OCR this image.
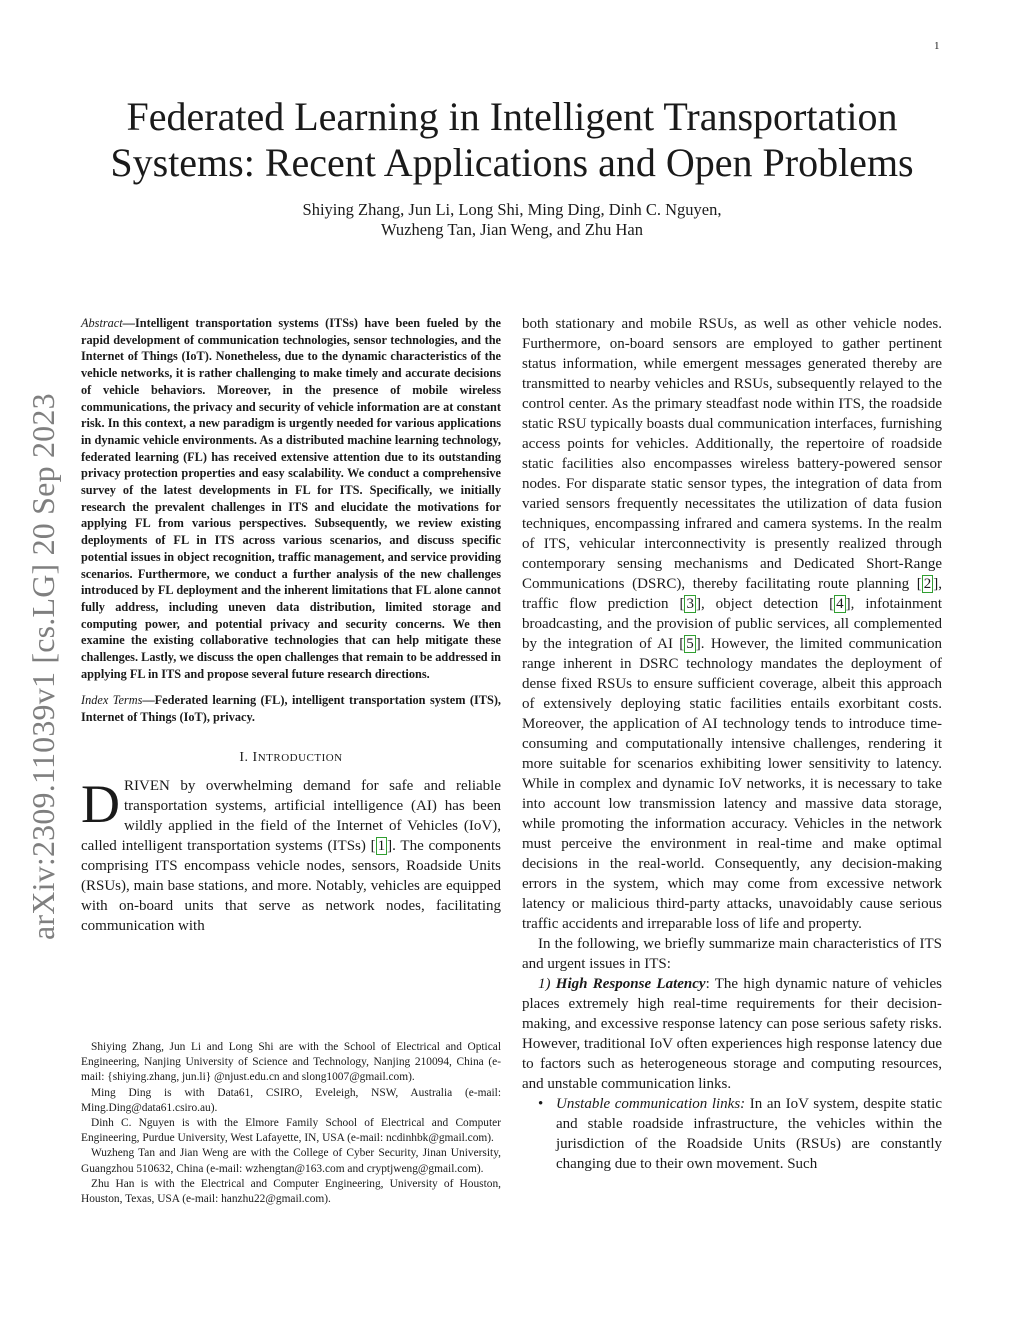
1
arXiv:2309.11039v1 [cs.LG] 20 Sep 2023
Federated Learning in Intelligent Transportation
Systems: Recent Applications and Open Problems
Shiying Zhang, Jun Li, Long Shi, Ming Ding, Dinh C. Nguyen,
Wuzheng Tan, Jian Weng, and Zhu Han

Abstract—Intelligent transportation systems (ITSs) have been fueled by the rapid development of communication technologies, sensor technologies, and the Internet of Things (IoT). Nonetheless, due to the dynamic characteristics of the vehicle networks, it is rather challenging to make timely and accurate decisions of vehicle behaviors. Moreover, in the presence of mobile wireless communications, the privacy and security of vehicle information are at constant risk. In this context, a new paradigm is urgently needed for various applications in dynamic vehicle environments. As a distributed machine learning technology, federated learning (FL) has received extensive attention due to its outstanding privacy protection properties and easy scalability. We conduct a comprehensive survey of the latest developments in FL for ITS. Specifically, we initially research the prevalent challenges in ITS and elucidate the motivations for applying FL from various perspectives. Subsequently, we review existing deployments of FL in ITS across various scenarios, and discuss specific potential issues in object recognition, traffic management, and service providing scenarios. Furthermore, we conduct a further analysis of the new challenges introduced by FL deployment and the inherent limitations that FL alone cannot fully address, including uneven data distribution, limited storage and computing power, and potential privacy and security concerns. We then examine the existing collaborative technologies that can help mitigate these challenges. Lastly, we discuss the open challenges that remain to be addressed in applying FL in ITS and propose several future research directions.

Index Terms—Federated learning (FL), intelligent transportation system (ITS), Internet of Things (IoT), privacy.

I. INTRODUCTION

DRIVEN by overwhelming demand for safe and reliable transportation systems, artificial intelligence (AI) has been wildly applied in the field of the Internet of Vehicles (IoV), called intelligent transportation systems (ITSs) [ 1 ]. The components comprising ITS encompass vehicle nodes, sensors, Roadside Units (RSUs), main base stations, and more. Notably, vehicles are equipped with on-board units that serve as network nodes, facilitating communication with

Shiying Zhang, Jun Li and Long Shi are with the School of Electrical and Optical Engineering, Nanjing University of Science and Technology, Nanjing 210094, China (e-mail: {shiying.zhang, jun.li} @njust.edu.cn and slong1007@gmail.com).

Ming Ding is with Data61, CSIRO, Eveleigh, NSW, Australia (e-mail: Ming.Ding@data61.csiro.au).

Dinh C. Nguyen is with the Elmore Family School of Electrical and Computer Engineering, Purdue University, West Lafayette, IN, USA (e-mail: ncdinhbk@gmail.com).

Wuzheng Tan and Jian Weng are with the College of Cyber Security, Jinan University, Guangzhou 510632, China (e-mail: wzhengtan@163.com and cryptjweng@gmail.com).

Zhu Han is with the Electrical and Computer Engineering, University of Houston, Houston, Texas, USA (e-mail: hanzhu22@gmail.com).

both stationary and mobile RSUs, as well as other vehicle nodes. Furthermore, on-board sensors are employed to gather pertinent status information, while emergent messages generated thereby are transmitted to nearby vehicles and RSUs, subsequently relayed to the control center. As the primary steadfast node within ITS, the roadside static RSU typically boasts dual communication interfaces, furnishing access points for vehicles. Additionally, the repertoire of roadside static facilities also encompasses wireless battery-powered sensor nodes. For disparate static sensor types, the integration of data from varied sensors frequently necessitates the utilization of data fusion techniques, encompassing infrared and camera systems. In the realm of ITS, vehicular interconnectivity is presently realized through contemporary sensing mechanisms and Dedicated Short-Range Communications (DSRC), thereby facilitating route planning [ 2 ], traffic flow prediction [ 3 ], object detection [ 4 ], infotainment broadcasting, and the provision of public services, all complemented by the integration of AI [ 5 ]. However, the limited communication range inherent in DSRC technology mandates the deployment of dense fixed RSUs to ensure sufficient coverage, albeit this approach of extensively deploying static facilities entails exorbitant costs. Moreover, the application of AI technology tends to introduce time-consuming and computationally intensive challenges, rendering it more suitable for scenarios exhibiting lower sensitivity to latency. While in complex and dynamic IoV networks, it is necessary to take into account low transmission latency and massive data storage, while promoting the information accuracy. Vehicles in the network must perceive the environment in real-time and make optimal decisions in the real-world. Consequently, any decision-making errors in the system, which may come from excessive network latency or malicious third-party attacks, unavoidably cause serious traffic accidents and irreparable loss of life and property.

In the following, we briefly summarize main characteristics of ITS and urgent issues in ITS:

1) High Response Latency: The high dynamic nature of vehicles places extremely high real-time requirements for their decision-making, and excessive response latency can pose serious safety risks. However, traditional IoV often experiences high response latency due to factors such as heterogeneous storage and computing resources, and unstable communication links.

• Unstable communication links: In an IoV system, despite static and stable roadside infrastructure, the vehicles within the jurisdiction of the Roadside Units (RSUs) are constantly changing due to their own movement. Such
